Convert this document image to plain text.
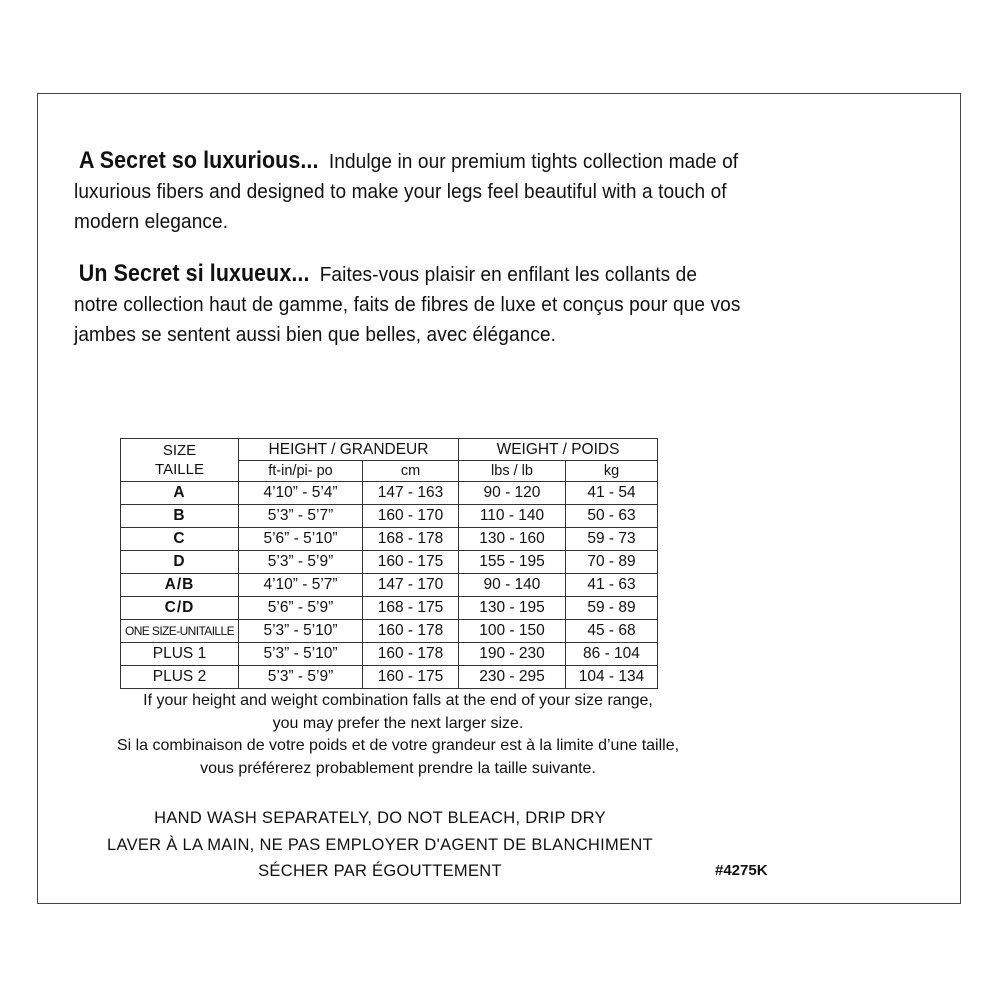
A Secret so luxurious... Indulge in our premium tights collection made of luxurious fibers and designed to make your legs feel beautiful with a touch of modern elegance.
Un Secret si luxueux... Faites-vous plaisir en enfilant les collants de notre collection haut de gamme, faits de fibres de luxe et conçus pour que vos jambes se sentent aussi bien que belles, avec élégance.
SIZE
TAILLE	HEIGHT / GRANDEUR		WEIGHT / POIDS	
	ft-in/pi- po	cm	lbs / lb	kg
A	4’10” - 5’4”	147 - 163	90 - 120	41 - 54
B	5’3” - 5’7”	160 - 170	110 - 140	50 - 63
C	5’6” - 5’10”	168 - 178	130 - 160	59 - 73
D	5’3” - 5’9”	160 - 175	155 - 195	70 - 89
A/B	4’10” - 5’7”	147 - 170	90 - 140	41 - 63
C/D	5’6” - 5’9”	168 - 175	130 - 195	59 - 89
ONE SIZE-UNITAILLE	5’3” - 5’10”	160 - 178	100 - 150	45 - 68
PLUS 1	5’3” - 5’10”	160 - 178	190 - 230	86 - 104
PLUS 2	5’3” - 5’9”	160 - 175	230 - 295	104 - 134
If your height and weight combination falls at the end of your size range,
you may prefer the next larger size.
Si la combinaison de votre poids et de votre grandeur est à la limite d’une taille,
vous préférerez probablement prendre la taille suivante.
HAND WASH SEPARATELY, DO NOT BLEACH, DRIP DRY
LAVER À LA MAIN, NE PAS EMPLOYER D'AGENT DE BLANCHIMENT
SÉCHER PAR ÉGOUTTEMENT	#4275K
